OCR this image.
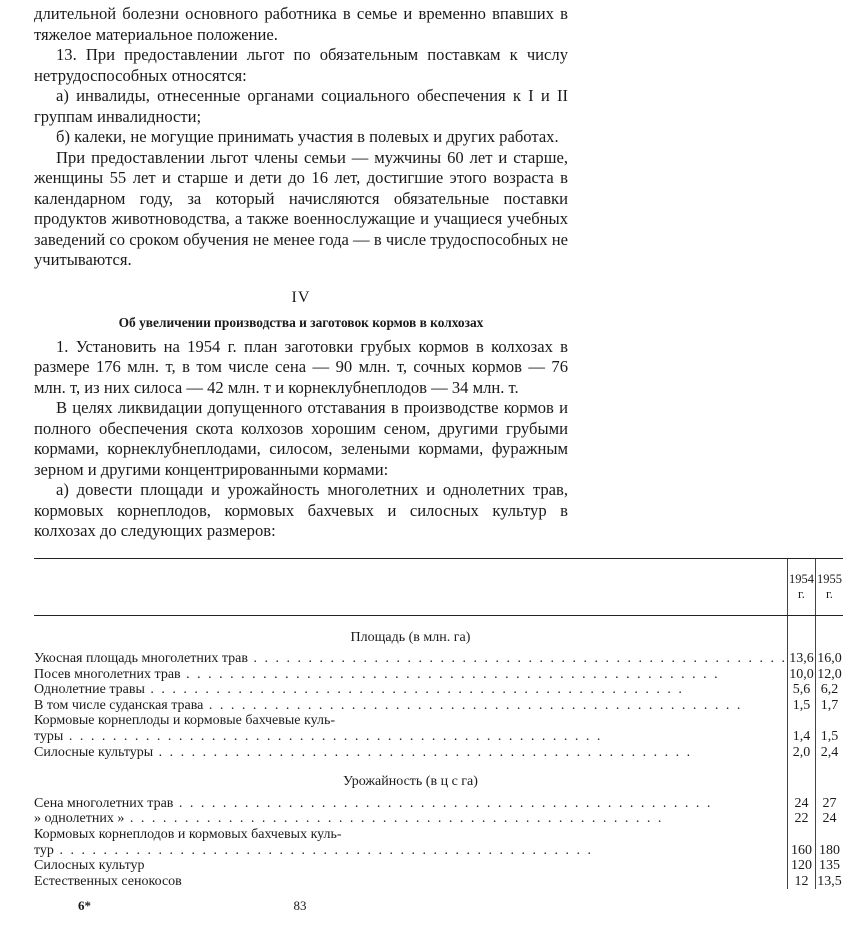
длительной болезни основного работника в семье и временно впавших в тяжелое материальное положение.

13. При предоставлении льгот по обязательным поставкам к числу нетрудоспособных относятся:

а) инвалиды, отнесенные органами социального обеспечения к I и II группам инвалидности;

б) калеки, не могущие принимать участия в полевых и других работах.

При предоставлении льгот члены семьи — мужчины 60 лет и старше, женщины 55 лет и старше и дети до 16 лет, достигшие этого возраста в календарном году, за который начисляются обязательные поставки продуктов животноводства, а также военнослужащие и учащиеся учебных заведений со сроком обучения не менее года — в числе трудоспособных не учитываются.

IV
Об увеличении производства и заготовок кормов в колхозах

1. Установить на 1954 г. план заготовки грубых кормов в колхозах в размере 176 млн. т, в том числе сена — 90 млн. т, сочных кормов — 76 млн. т, из них силоса — 42 млн. т и корнеклубнеплодов — 34 млн. т.

В целях ликвидации допущенного отставания в производстве кормов и полного обеспечения скота колхозов хорошим сеном, другими грубыми кормами, корнеклубнеплодами, силосом, зелеными кормами, фуражным зерном и другими концентрированными кормами:

а) довести площади и урожайность многолетних и однолетних трав, кормовых корнеплодов, кормовых бахчевых и силосных культур в колхозах до следующих размеров:

	1954 г.	1955 г.
Площадь (в млн. га)		
Укосная площадь многолетних трав . . .	13,6	16,0
Посев многолетних трав . . .	10,0	12,0
Однолетние травы . . .	5,6	6,2
В том числе суданская трава . . .	1,5	1,7
Кормовые корнеплоды и кормовые бахчевые куль-		
туры . . .	1,4	1,5
Силосные культуры . . .	2,0	2,4
Урожайность (в ц с га)		
Сена многолетних трав . . .	24	27
» однолетних » . . .	22	24
Кормовых корнеплодов и кормовых бахчевых куль-		
тур . . .	160	180
Силосных культур	120	135
Естественных сенокосов	12	13,5
6*	83
